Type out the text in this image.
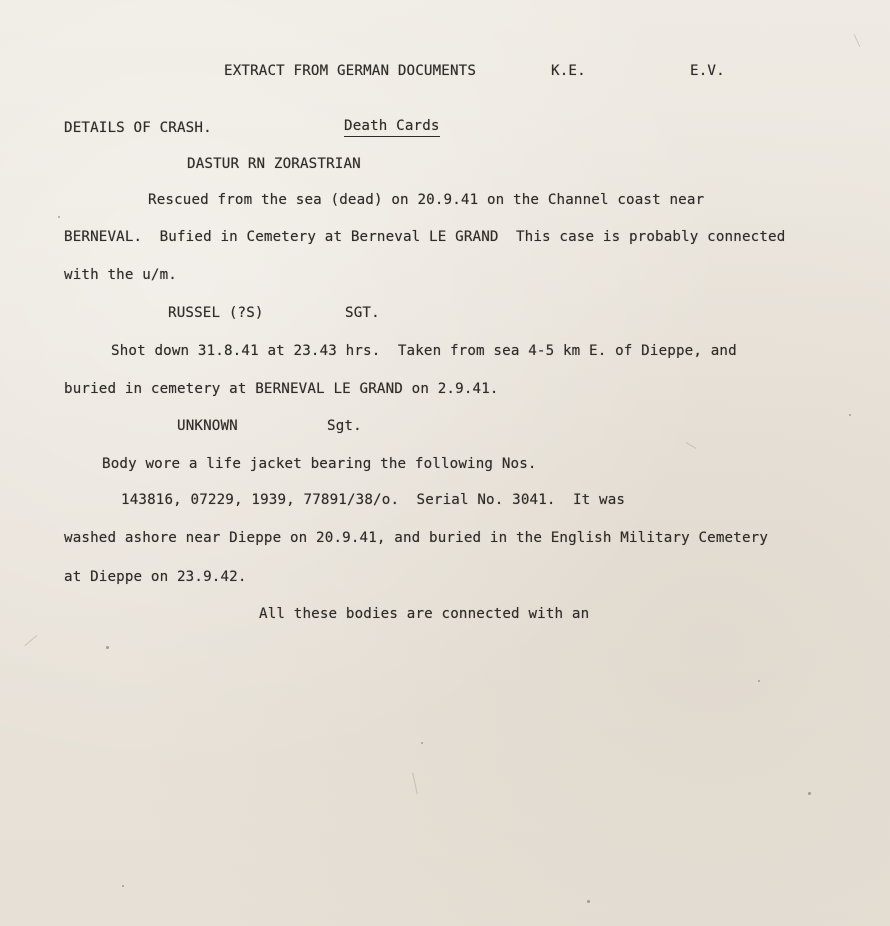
EXTRACT FROM GERMAN DOCUMENTS	K.E.	E.V.
DETAILS OF CRASH.	Death Cards
DASTUR RN ZORASTRIAN
Rescued from the sea (dead) on 20.9.41 on the Channel coast near
BERNEVAL.  Bufied in Cemetery at Berneval LE GRAND  This case is probably connected
with the u/m.
RUSSEL (?S)	SGT.
Shot down 31.8.41 at 23.43 hrs.  Taken from sea 4-5 km E. of Dieppe, and
buried in cemetery at BERNEVAL LE GRAND on 2.9.41.
UNKNOWN	Sgt.
Body wore a life jacket bearing the following Nos.
143816, 07229, 1939, 77891/38/o.  Serial No. 3041.  It was
washed ashore near Dieppe on 20.9.41, and buried in the English Military Cemetery
at Dieppe on 23.9.42.
All these bodies are connected with an
